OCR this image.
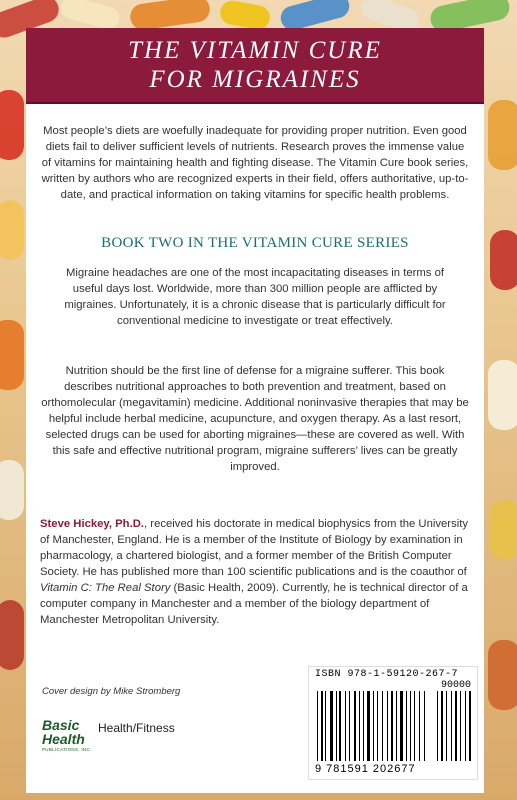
THE VITAMIN CURE
FOR MIGRAINES
Most people’s diets are woefully inadequate for providing proper nutrition. Even good diets fail to deliver sufficient levels of nutrients. Research proves the immense value of vitamins for maintaining health and fighting disease. The Vitamin Cure book series, written by authors who are recognized experts in their field, offers authoritative, up-to-date, and practical information on taking vitamins for specific health problems.
BOOK TWO IN THE VITAMIN CURE SERIES
Migraine headaches are one of the most incapacitating diseases in terms of useful days lost. Worldwide, more than 300 million people are afflicted by migraines. Unfortunately, it is a chronic disease that is particularly difficult for conventional medicine to investigate or treat effectively.
Nutrition should be the first line of defense for a migraine sufferer. This book describes nutritional approaches to both prevention and treatment, based on orthomolecular (megavitamin) medicine. Additional noninvasive therapies that may be helpful include herbal medicine, acupuncture, and oxygen therapy. As a last resort, selected drugs can be used for aborting migraines—these are covered as well. With this safe and effective nutritional program, migraine sufferers’ lives can be greatly improved.
Steve Hickey, Ph.D., received his doctorate in medical biophysics from the University of Manchester, England. He is a member of the Institute of Biology by examination in pharmacology, a chartered biologist, and a former member of the British Computer Society. He has published more than 100 scientific publications and is the coauthor of Vitamin C: The Real Story (Basic Health, 2009). Currently, he is technical director of a computer company in Manchester and a member of the biology department of Manchester Metropolitan University.
Cover design by Mike Stromberg
Basic
Health
PUBLICATIONS, INC.
Health/Fitness
ISBN 978-1-59120-267-7
90000
9 781591 202677
